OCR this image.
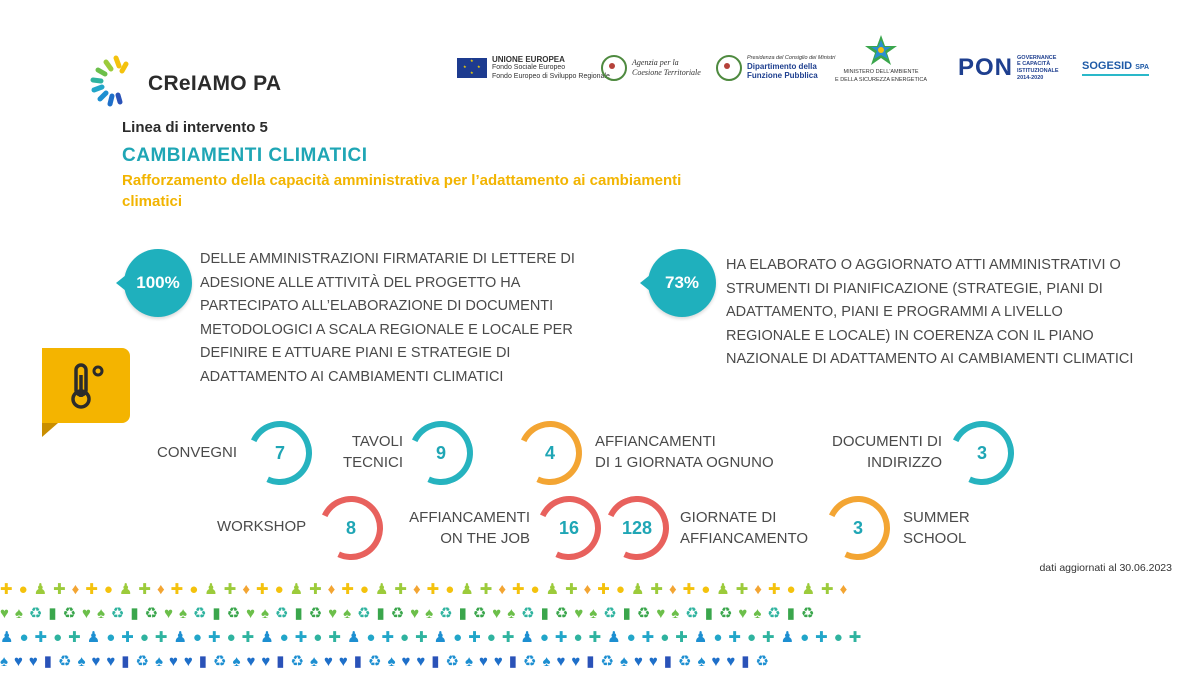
CReIAMO PA
★
★
★	★
UNIONE EUROPEA
Fondo Sociale Europeo
Fondo Europeo di Sviluppo Regionale
Agenzia per la
Coesione Territoriale
Presidenza del Consiglio dei Ministri
Dipartimento della
Funzione Pubblica	MINISTERO DELL'AMBIENTE
E DELLA SICUREZZA ENERGETICA PON GOVERNANCE
E CAPACITÀ
ISTITUZIONALE
2014-2020
SOGESID SPA
Linea di intervento 5
CAMBIAMENTI CLIMATICI
Rafforzamento della capacità amministrativa per l’adattamento ai cambiamenti climatici
100%
DELLE AMMINISTRAZIONI FIRMATARIE DI LETTERE DI ADESIONE ALLE ATTIVITÀ DEL PROGETTO HA PARTECIPATO ALL’ELABORAZIONE DI DOCUMENTI METODOLOGICI A SCALA REGIONALE E LOCALE PER DEFINIRE E ATTUARE PIANI E STRATEGIE DI ADATTAMENTO AI CAMBIAMENTI CLIMATICI
73%
HA ELABORATO O AGGIORNATO ATTI AMMINISTRATIVI O STRUMENTI DI PIANIFICAZIONE (STRATEGIE, PIANI DI ADATTAMENTO, PIANI E PROGRAMMI A LIVELLO REGIONALE E LOCALE) IN COERENZA CON IL PIANO NAZIONALE DI ADATTAMENTO AI CAMBIAMENTI CLIMATICI
CONVEGNI	7
TAVOLI
TECNICI	9	4
AFFIANCAMENTI
DI 1 GIORNATA OGNUNO
DOCUMENTI DI
INDIRIZZO	3
WORKSHOP	8	AFFIANCAMENTI
ON THE JOB
16	128	GIORNATE DI
AFFIANCAMENTO
3	SUMMER
SCHOOL
dati aggiornati al 30.06.2023
✚●♟✚♦✚●♟✚♦✚●♟✚♦✚●♟✚♦✚●♟✚♦✚●♟✚♦✚●♟✚♦✚●♟✚♦✚●♟✚♦✚●♟✚♦
♥♠♻▮♻♥♠♻▮♻♥♠♻▮♻♥♠♻▮♻♥♠♻▮♻♥♠♻▮♻♥♠♻▮♻♥♠♻▮♻♥♠♻▮♻♥♠♻▮♻
♟●✚●✚♟●✚●✚♟●✚●✚♟●✚●✚♟●✚●✚♟●✚●✚♟●✚●✚♟●✚●✚♟●✚●✚♟●✚●✚
♠♥♥▮♻♠♥♥▮♻♠♥♥▮♻♠♥♥▮♻♠♥♥▮♻♠♥♥▮♻♠♥♥▮♻♠♥♥▮♻♠♥♥▮♻♠♥♥▮♻
